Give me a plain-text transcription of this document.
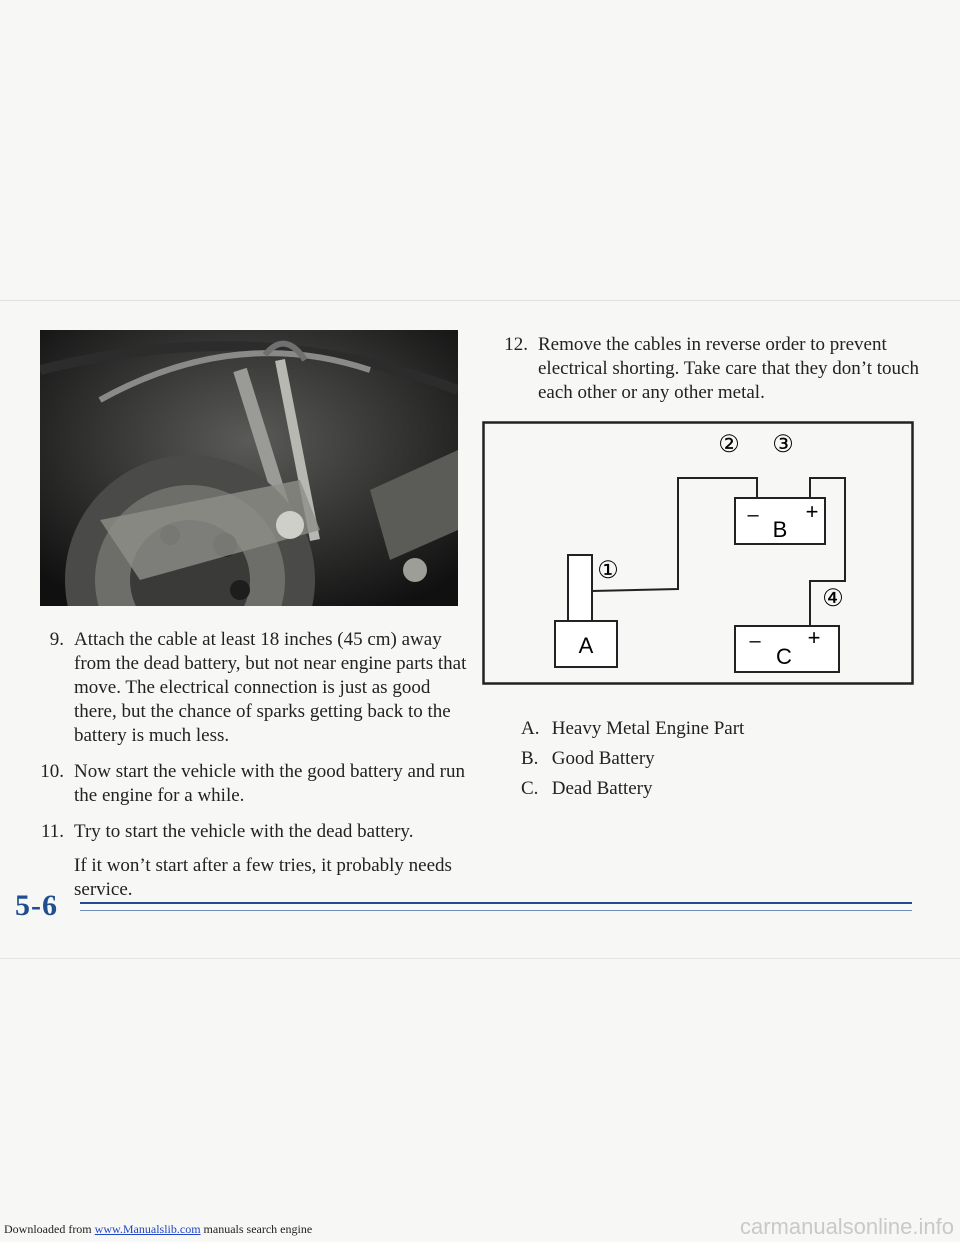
9. Attach the cable at least 18 inches (45 cm) away from the dead battery, but not near engine parts that move. The electrical connection is just as good there, but the chance of sparks getting back to the battery is much less.
10. Now start the vehicle with the good battery and run the engine for a while.
11. Try to start the vehicle with the dead battery.
If it won’t start after a few tries, it probably needs service.
12. Remove the cables in reverse order to prevent electrical shorting. Take care that they don’t touch each other or any other metal.
A
– +
B
– +
C
①
② ③
④
A. Heavy Metal Engine Part
B. Good Battery
C. Dead Battery
5-6
Downloaded from www.Manualslib.com manuals search engine	carmanualsonline.info
